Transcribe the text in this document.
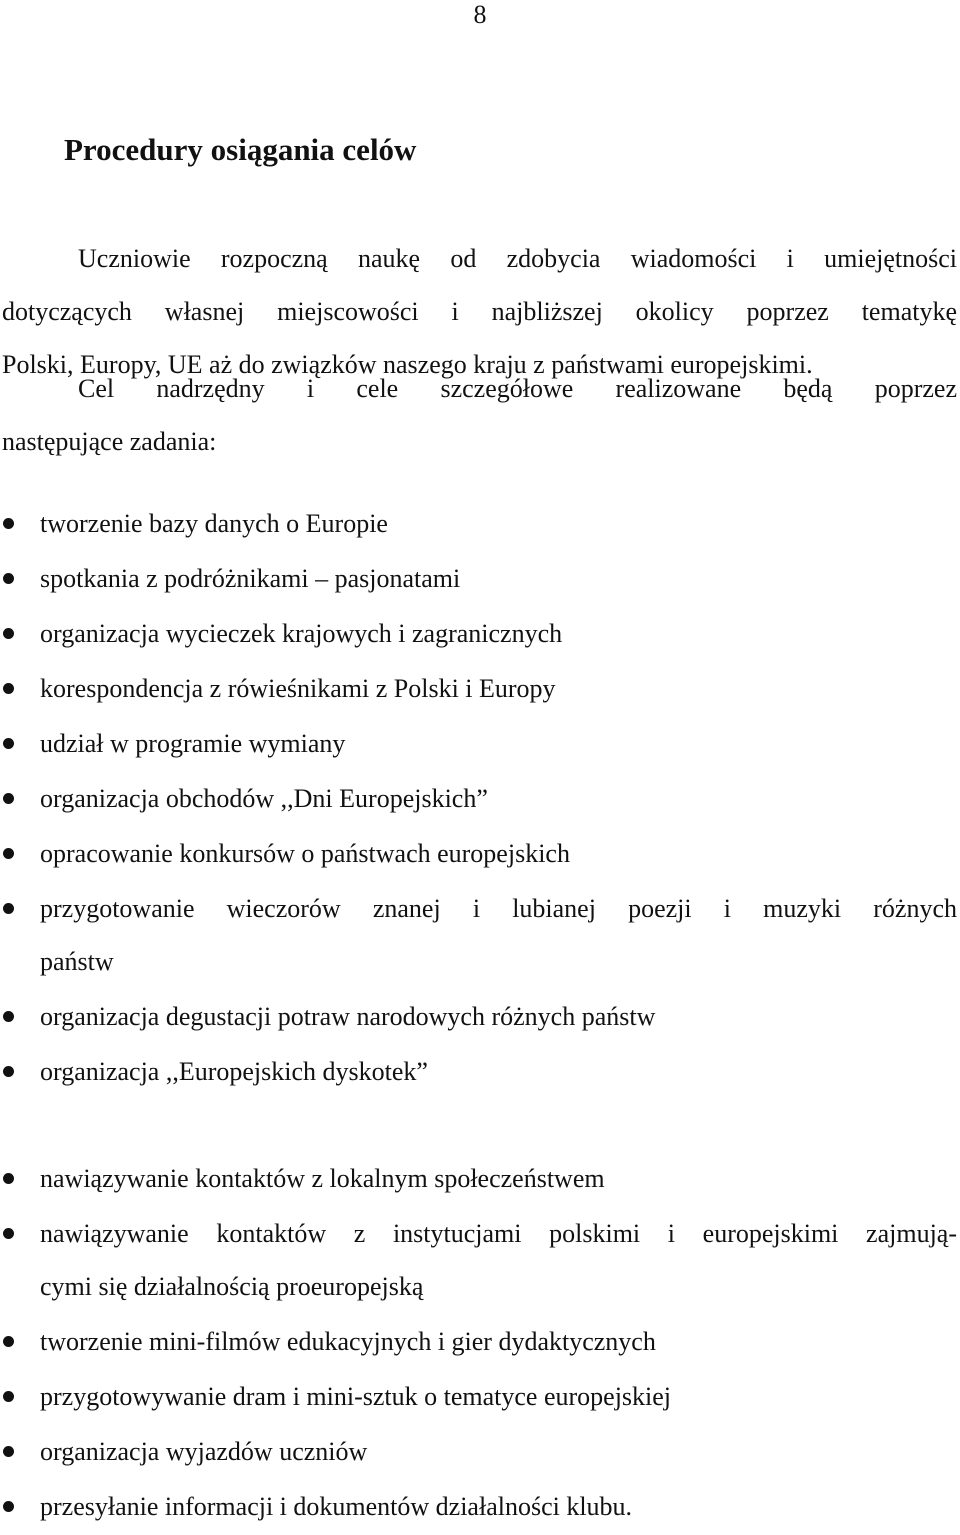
8
Procedury osiągania celów

Uczniowie rozpoczną naukę od zdobycia wiadomości i umiejętności
dotyczących własnej miejscowości i najbliższej okolicy poprzez tematykę
Polski, Europy, UE aż do związków naszego kraju z państwami europejskimi.

Cel nadrzędny i cele szczegółowe realizowane będą poprzez
następujące zadania:

tworzenie bazy danych o Europie
spotkania z podróżnikami – pasjonatami
organizacja wycieczek krajowych i zagranicznych
korespondencja z rówieśnikami z Polski i Europy
udział w programie wymiany
organizacja obchodów ,,Dni Europejskich”
opracowanie konkursów o państwach europejskich
przygotowanie wieczorów znanej i lubianej poezji i muzyki różnych
państw
organizacja degustacji potraw narodowych różnych państw
organizacja ,,Europejskich dyskotek”
nawiązywanie kontaktów z lokalnym społeczeństwem
nawiązywanie kontaktów z instytucjami polskimi i europejskimi zajmują-
cymi się działalnością proeuropejską
tworzenie mini-filmów edukacyjnych i gier dydaktycznych
przygotowywanie dram i mini-sztuk o tematyce europejskiej
organizacja wyjazdów uczniów
przesyłanie informacji i dokumentów działalności klubu.
